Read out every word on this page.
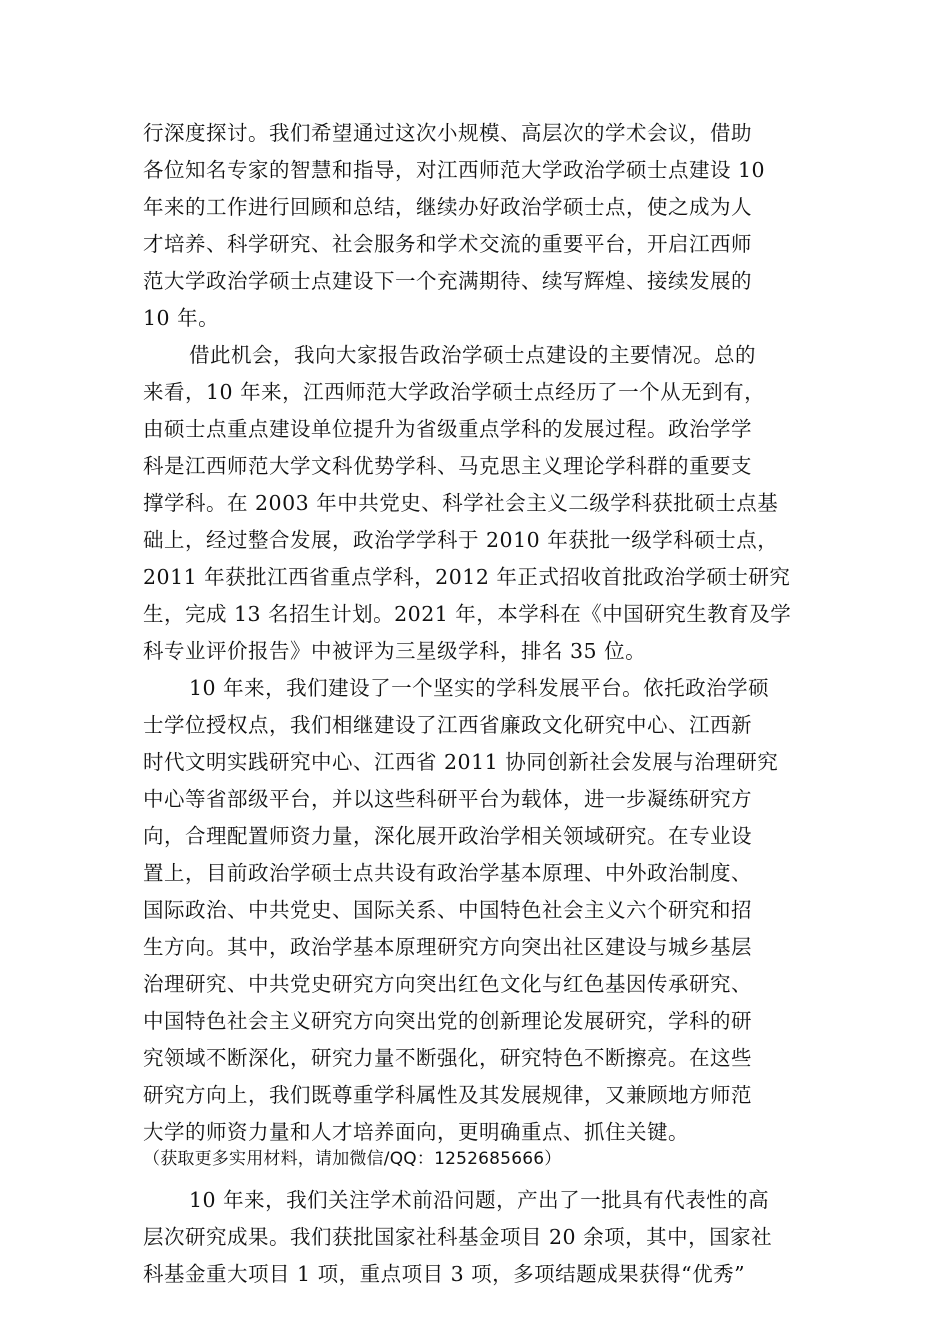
行深度探讨。我们希望通过这次小规模、高层次的学术会议，借助
各位知名专家的智慧和指导，对江西师范大学政治学硕士点建设 10
年来的工作进行回顾和总结，继续办好政治学硕士点，使之成为人
才培养、科学研究、社会服务和学术交流的重要平台，开启江西师
范大学政治学硕士点建设下一个充满期待、续写辉煌、接续发展的
10 年。
借此机会，我向大家报告政治学硕士点建设的主要情况。总的
来看，10 年来，江西师范大学政治学硕士点经历了一个从无到有，
由硕士点重点建设单位提升为省级重点学科的发展过程。政治学学
科是江西师范大学文科优势学科、马克思主义理论学科群的重要支
撑学科。在 2003 年中共党史、科学社会主义二级学科获批硕士点基
础上，经过整合发展，政治学学科于 2010 年获批一级学科硕士点，
2011 年获批江西省重点学科，2012 年正式招收首批政治学硕士研究
生，完成 13 名招生计划。2021 年，本学科在《中国研究生教育及学
科专业评价报告》中被评为三星级学科，排名 35 位。
10 年来，我们建设了一个坚实的学科发展平台。依托政治学硕
士学位授权点，我们相继建设了江西省廉政文化研究中心、江西新
时代文明实践研究中心、江西省 2011 协同创新社会发展与治理研究
中心等省部级平台，并以这些科研平台为载体，进一步凝练研究方
向，合理配置师资力量，深化展开政治学相关领域研究。在专业设
置上，目前政治学硕士点共设有政治学基本原理、中外政治制度、
国际政治、中共党史、国际关系、中国特色社会主义六个研究和招
生方向。其中，政治学基本原理研究方向突出社区建设与城乡基层
治理研究、中共党史研究方向突出红色文化与红色基因传承研究、
中国特色社会主义研究方向突出党的创新理论发展研究，学科的研
究领域不断深化，研究力量不断强化，研究特色不断擦亮。在这些
研究方向上，我们既尊重学科属性及其发展规律，又兼顾地方师范
大学的师资力量和人才培养面向，更明确重点、抓住关键。
（获取更多实用材料，请加微信/QQ：1252685666）
10 年来，我们关注学术前沿问题，产出了一批具有代表性的高
层次研究成果。我们获批国家社科基金项目 20 余项，其中，国家社
科基金重大项目 1 项，重点项目 3 项，多项结题成果获得“优秀”
